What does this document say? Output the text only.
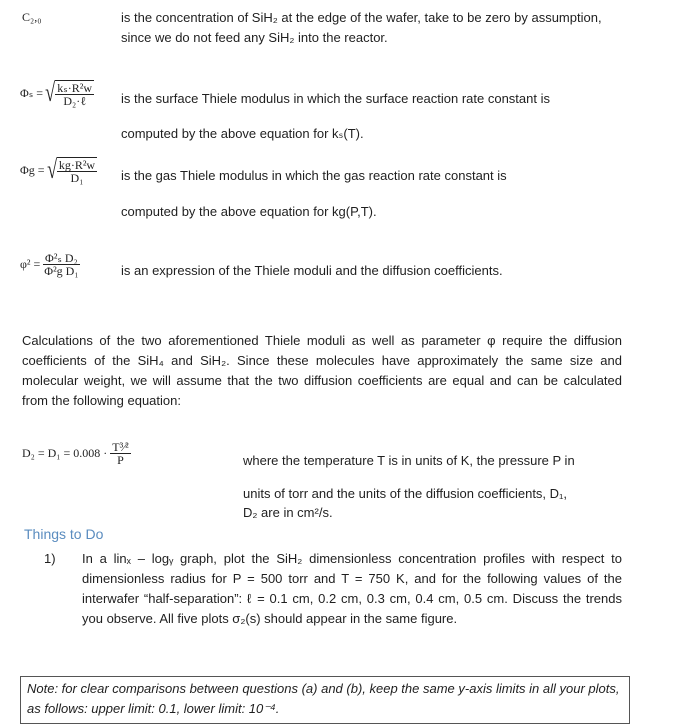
C₂,₀	is the concentration of SiH₂ at the edge of the wafer, take to be zero by assumption, since we do not feed any SiH₂ into the reactor.
Φₛ = √ $\frac{\text{kₛ·R²w}}{\text{D₂·ℓ}}$ is the surface Thiele modulus in which the surface reaction rate constant is
computed by the above equation for kₛ(T).
Φg = √ $\frac{\text{kg·R²w}}{\text{D₁}}$ is the gas Thiele modulus in which the gas reaction rate constant is
computed by the above equation for kg(P,T).
$\varphi^2 = \frac{\text{Φ²ₛ D₂}}{\text{Φ²g D₁}}$	is an expression of the Thiele moduli and the diffusion coefficients.
Calculations of the two aforementioned Thiele moduli as well as parameter φ require the diffusion coefficients of the SiH₄ and SiH₂. Since these molecules have approximately the same size and molecular weight, we will assume that the two diffusion coefficients are equal and can be calculated from the following equation:
$D_2 = D_1 = 0.008 \cdot \frac{\text{T³⁄²}}{P}$	where the temperature T is in units of K, the pressure P in
units of torr and the units of the diffusion coefficients, D₁,
D₂ are in cm²/s.
Things to Do
1) In a linₓ – logᵧ graph, plot the SiH₂ dimensionless concentration profiles with respect to dimensionless radius for P = 500 torr and T = 750 K, and for the following values of the interwafer “half-separation”: ℓ = 0.1 cm, 0.2 cm, 0.3 cm, 0.4 cm, 0.5 cm. Discuss the trends you observe. All five plots σ₂(s) should appear in the same figure.
Note: for clear comparisons between questions (a) and (b), keep the same y-axis limits in all your plots, as follows: upper limit: 0.1, lower limit: 10⁻⁴.
